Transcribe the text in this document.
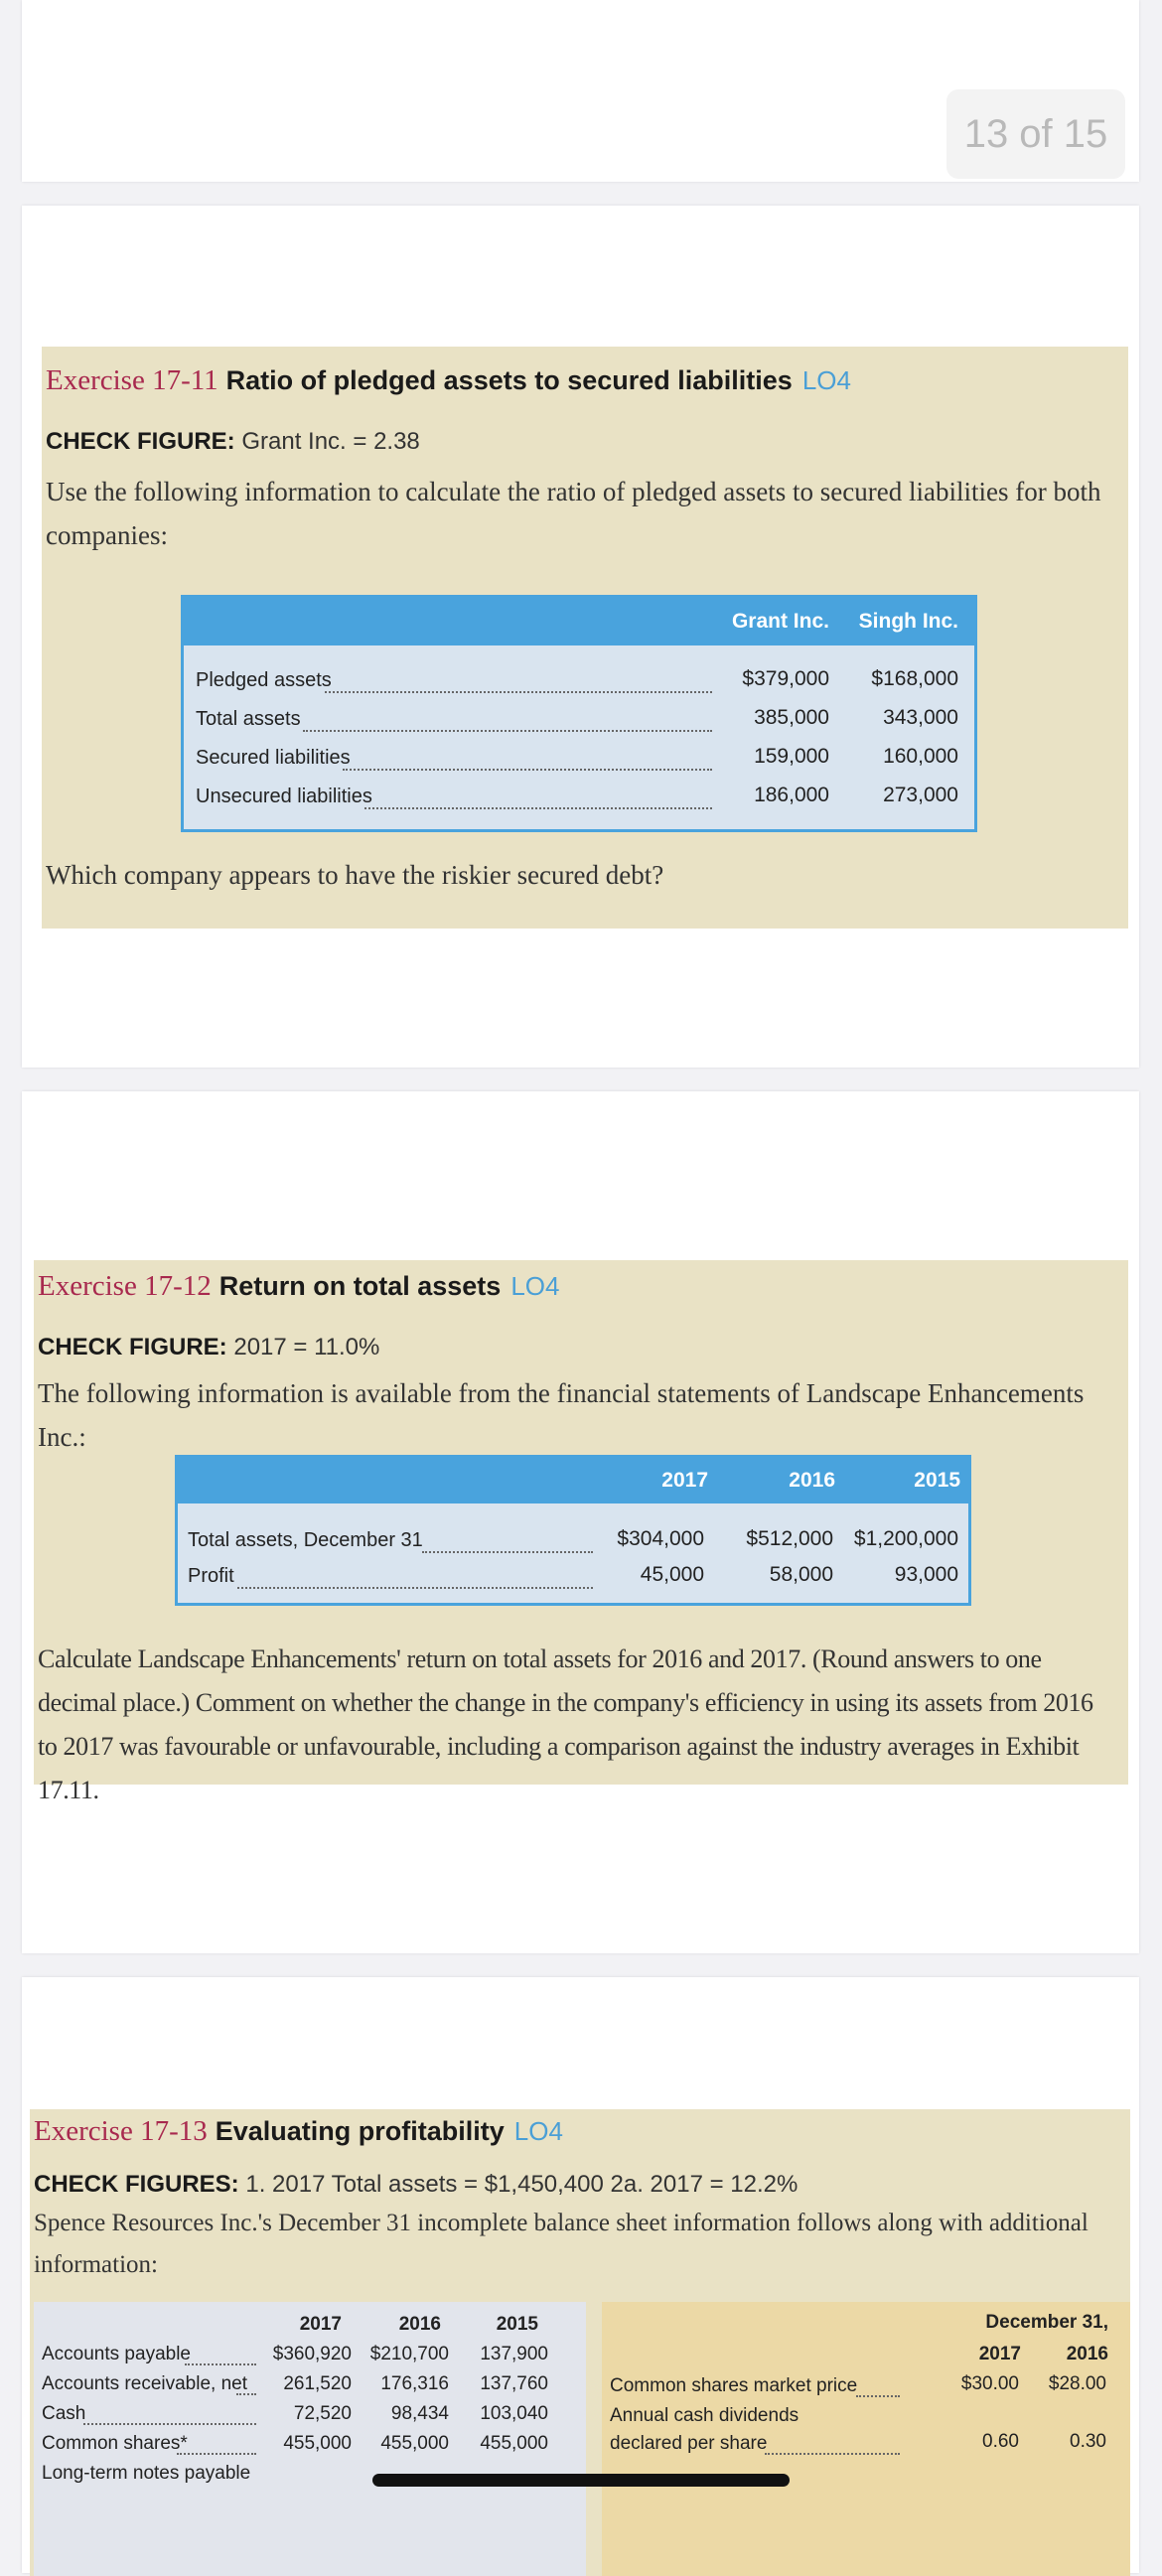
13 of 15
Exercise 17-11 Ratio of pledged assets to secured liabilities LO4
CHECK FIGURE: Grant Inc. = 2.38
Use the following information to calculate the ratio of pledged assets to secured liabilities for both companies:
Grant Inc.	Singh Inc.
Pledged assets	$379,000	$168,000
Total assets	385,000	343,000
Secured liabilities	159,000	160,000
Unsecured liabilities	186,000	273,000
Which company appears to have the riskier secured debt?
Exercise 17-12 Return on total assets LO4
CHECK FIGURE: 2017 = 11.0%
The following information is available from the financial statements of Landscape Enhancements Inc.:
2017	2016	2015
Total assets, December 31	$304,000	$512,000 $1,200,000
Profit	45,000	58,000	93,000
Calculate Landscape Enhancements' return on total assets for 2016 and 2017. (Round answers to one decimal place.) Comment on whether the change in the company's efficiency in using its assets from 2016 to 2017 was favourable or unfavourable, including a comparison against the industry averages in Exhibit 17.11.
Exercise 17-13 Evaluating profitability LO4
CHECK FIGURES: 1. 2017 Total assets = $1,450,400 2a. 2017 = 12.2%
Spence Resources Inc.'s December 31 incomplete balance sheet information follows along with additional information:
2017	2016	2015
Accounts payable	$360,920 $210,700	137,900
Accounts receivable, net	261,520	176,316	137,760
Cash	72,520	98,434	103,040
Common shares*	455,000	455,000	455,000
Long-term notes payable
December 31,
2017	2016
Common shares market price	$30.00	$28.00
Annual cash dividends
declared per share	0.60	0.30
